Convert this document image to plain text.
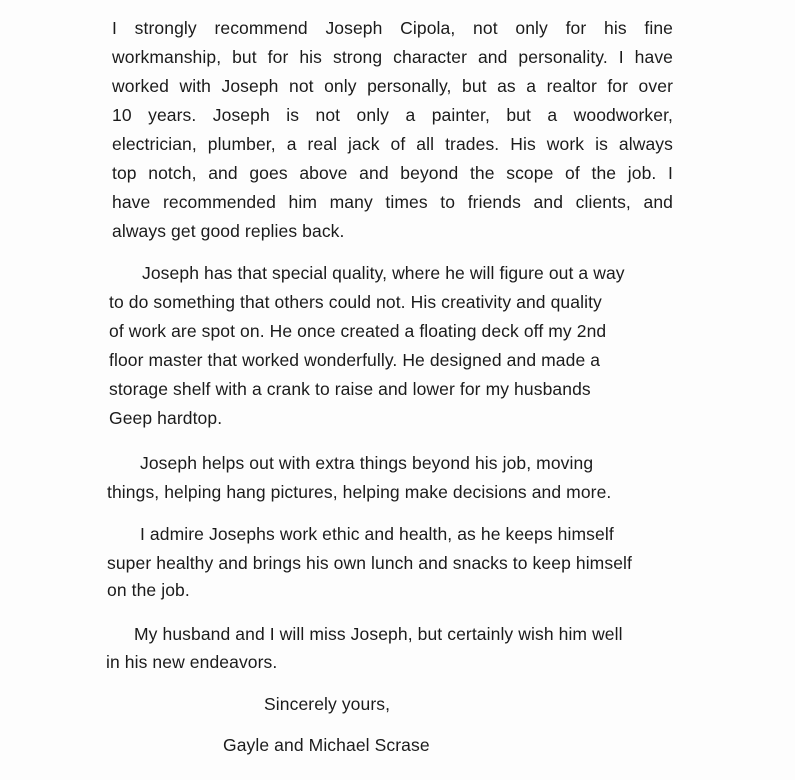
I strongly recommend Joseph Cipola, not only for his fine
workmanship, but for his strong character and personality. I have
worked with Joseph not only personally, but as a realtor for over
10 years. Joseph is not only a painter, but a woodworker,
electrician, plumber, a real jack of all trades. His work is always
top notch, and goes above and beyond the scope of the job. I
have recommended him many times to friends and clients, and
always get good replies back.
Joseph has that special quality, where he will figure out a way
to do something that others could not. His creativity and quality
of work are spot on. He once created a floating deck off my 2nd
floor master that worked wonderfully. He designed and made a
storage shelf with a crank to raise and lower for my husbands
Geep hardtop.
Joseph helps out with extra things beyond his job, moving
things, helping hang pictures, helping make decisions and more.
I admire Josephs work ethic and health, as he keeps himself
super healthy and brings his own lunch and snacks to keep himself
on the job.
My husband and I will miss Joseph, but certainly wish him well
in his new endeavors.
Sincerely yours,
Gayle and Michael Scrase
